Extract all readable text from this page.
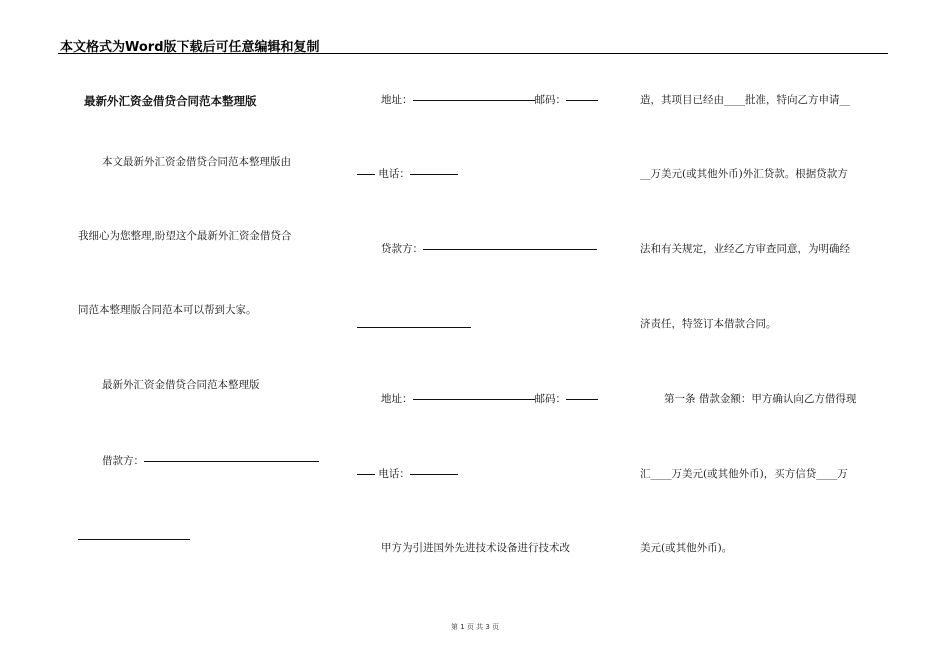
本文格式为Word版下载后可任意编辑和复制
最新外汇资金借贷合同范本整理版
本文最新外汇资金借贷合同范本整理版由
我细心为您整理,盼望这个最新外汇资金借贷合
同范本整理版合同范本可以帮到大家。
最新外汇资金借贷合同范本整理版
借款方：
地址：	邮码：
电话：
贷款方：
地址：	邮码：
电话：
甲方为引进国外先进技术设备进行技术改
造，其项目已经由____批准，特向乙方申请__
__万美元(或其他外币)外汇贷款。根据贷款方
法和有关规定，业经乙方审查同意，为明确经
济责任，特签订本借款合同。
第一条 借款金额：甲方确认向乙方借得现
汇____万美元(或其他外币)，买方信贷____万
美元(或其他外币)。
第 1 页 共 3 页
